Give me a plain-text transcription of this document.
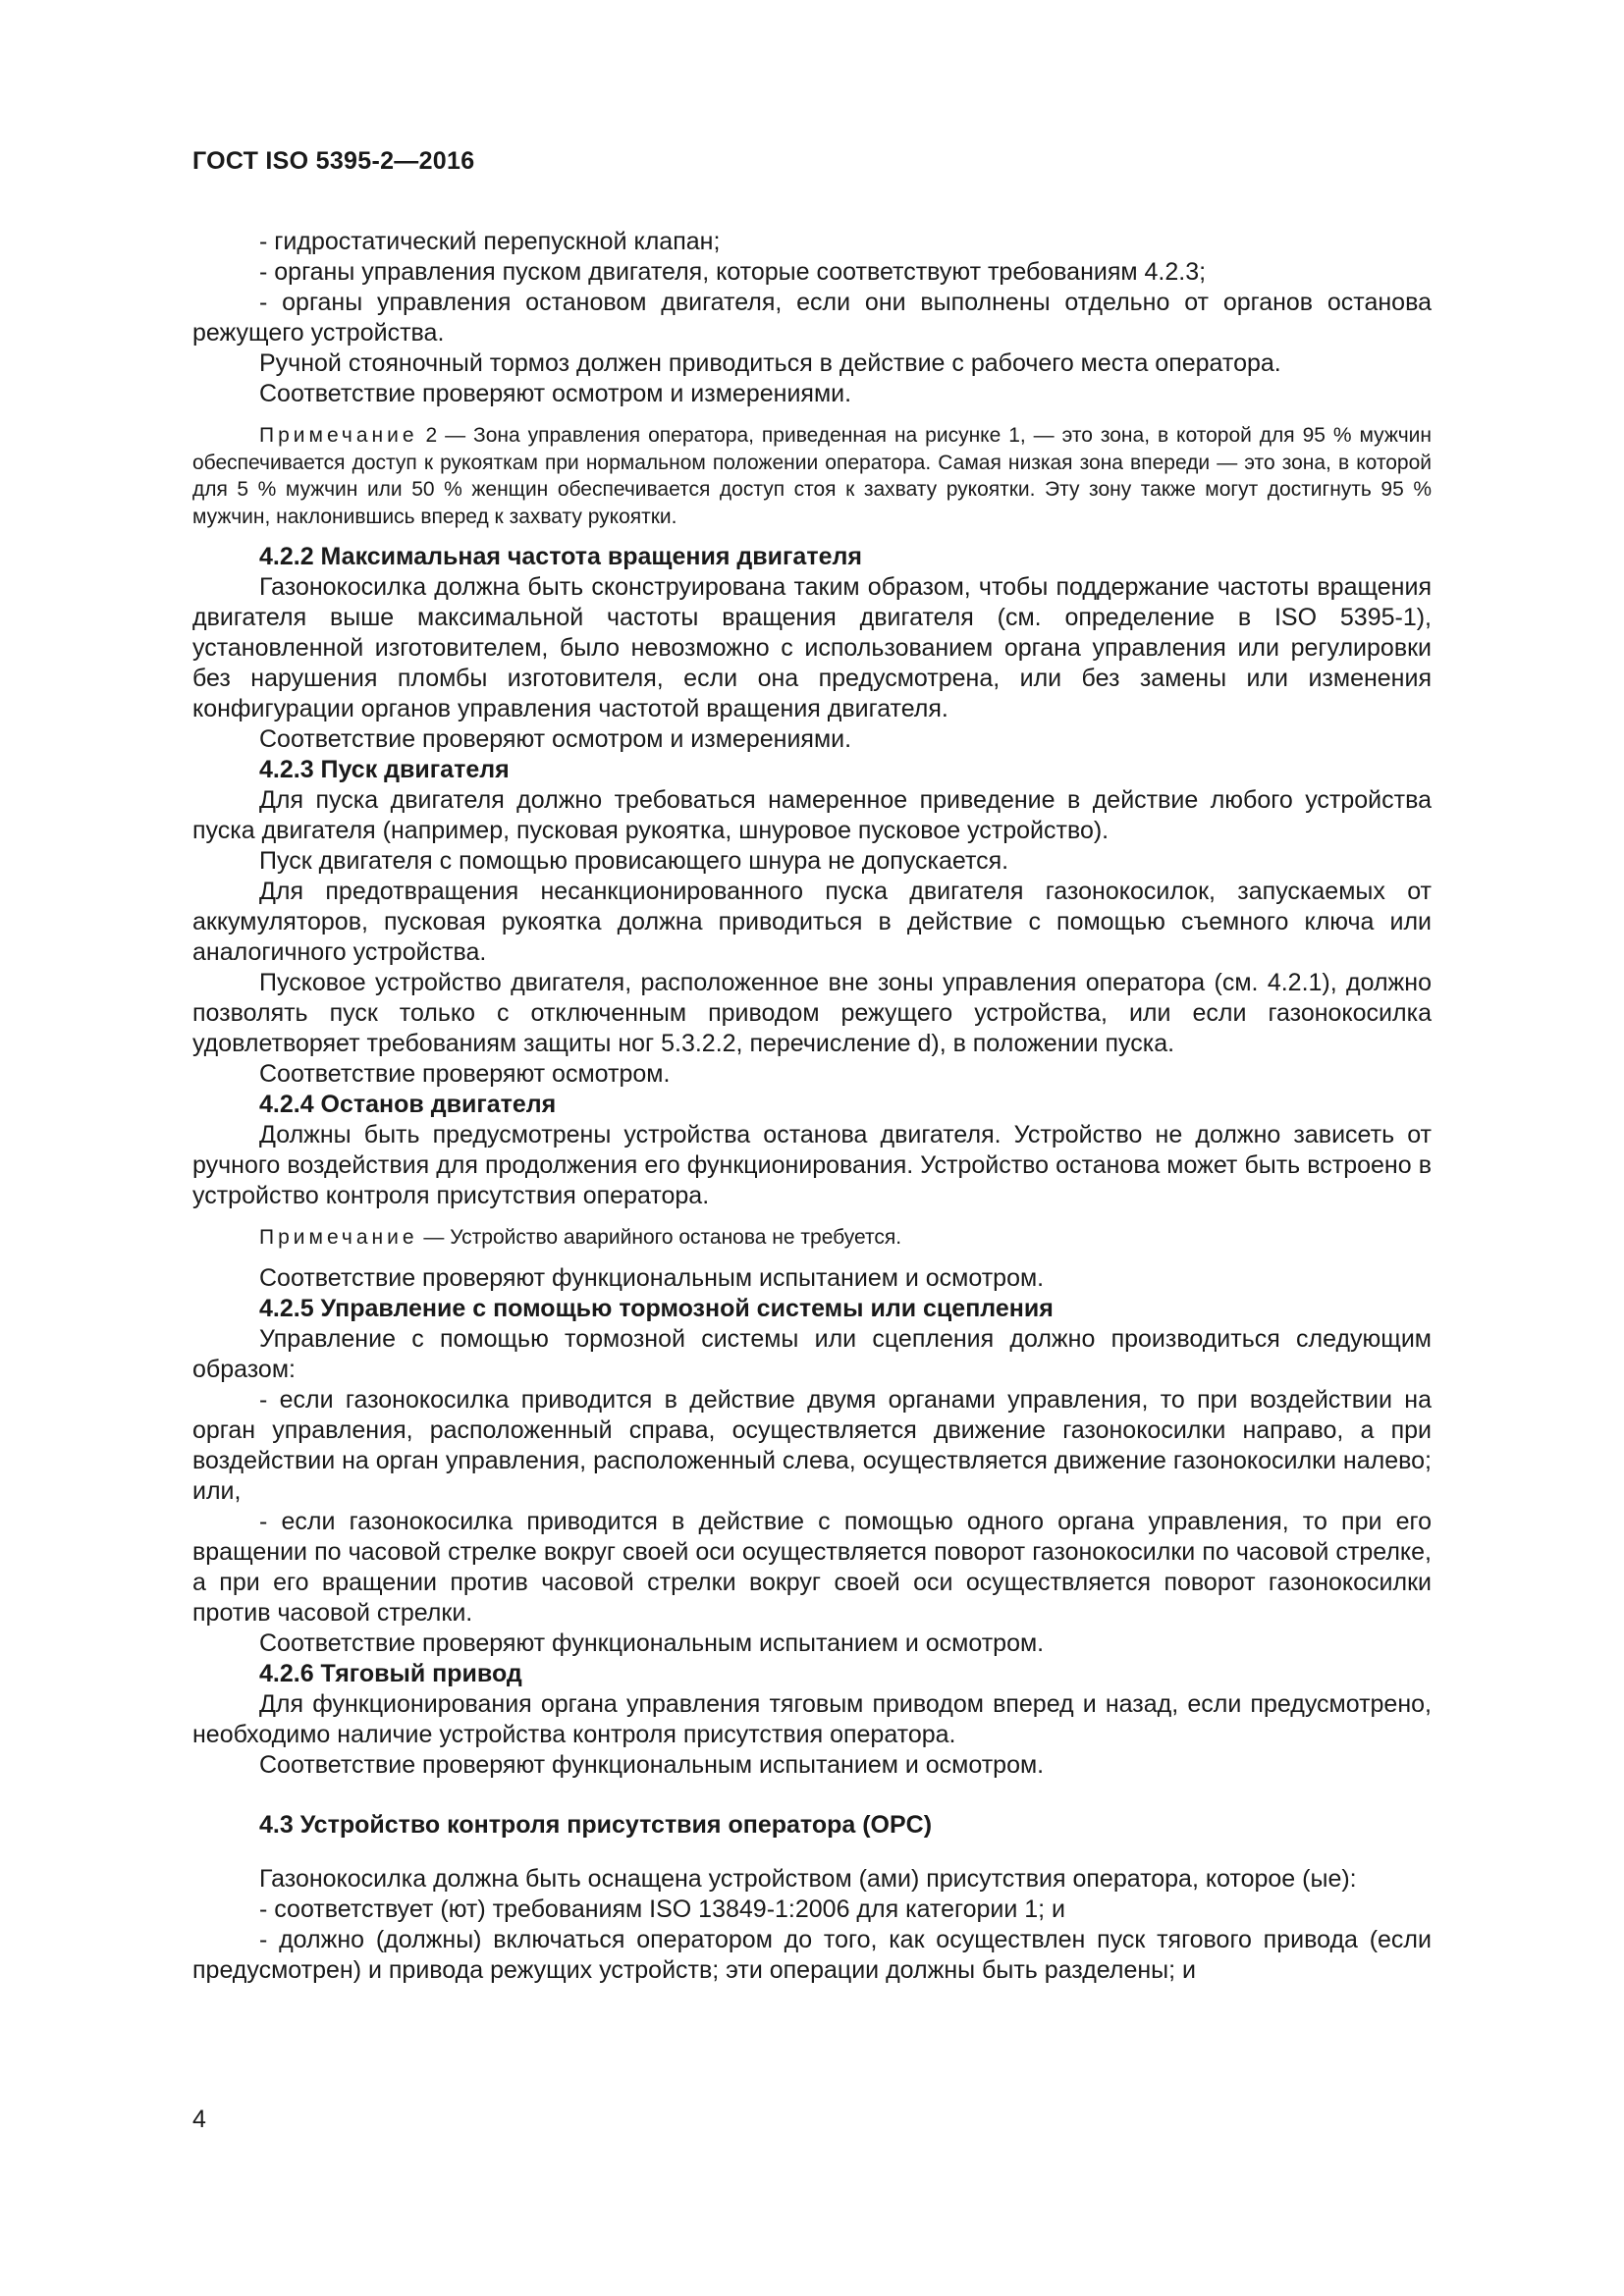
ГОСТ ISO 5395-2—2016

- гидростатический перепускной клапан;

- органы управления пуском двигателя, которые соответствуют требованиям 4.2.3;

- органы управления остановом двигателя, если они выполнены отдельно от органов останова режущего устройства.

Ручной стояночный тормоз должен приводиться в действие с рабочего места оператора.

Соответствие проверяют осмотром и измерениями.

Примечание 2 — Зона управления оператора, приведенная на рисунке 1, — это зона, в которой для 95 % мужчин обеспечивается доступ к рукояткам при нормальном положении оператора. Самая низкая зона впереди — это зона, в которой для 5 % мужчин или 50 % женщин обеспечивается доступ стоя к захвату рукоятки. Эту зону также могут достигнуть 95 % мужчин, наклонившись вперед к захвату рукоятки.

4.2.2 Максимальная частота вращения двигателя

Газонокосилка должна быть сконструирована таким образом, чтобы поддержание частоты вращения двигателя выше максимальной частоты вращения двигателя (см. определение в ISO 5395-1), установленной изготовителем, было невозможно с использованием органа управления или регулировки без нарушения пломбы изготовителя, если она предусмотрена, или без замены или изменения конфигурации органов управления частотой вращения двигателя.

Соответствие проверяют осмотром и измерениями.

4.2.3 Пуск двигателя

Для пуска двигателя должно требоваться намеренное приведение в действие любого устройства пуска двигателя (например, пусковая рукоятка, шнуровое пусковое устройство).

Пуск двигателя с помощью провисающего шнура не допускается.

Для предотвращения несанкционированного пуска двигателя газонокосилок, запускаемых от аккумуляторов, пусковая рукоятка должна приводиться в действие с помощью съемного ключа или аналогичного устройства.

Пусковое устройство двигателя, расположенное вне зоны управления оператора (см. 4.2.1), должно позволять пуск только с отключенным приводом режущего устройства, или если газонокосилка удовлетворяет требованиям защиты ног 5.3.2.2, перечисление d), в положении пуска.

Соответствие проверяют осмотром.

4.2.4 Останов двигателя

Должны быть предусмотрены устройства останова двигателя. Устройство не должно зависеть от ручного воздействия для продолжения его функционирования. Устройство останова может быть встроено в устройство контроля присутствия оператора.

Примечание — Устройство аварийного останова не требуется.

Соответствие проверяют функциональным испытанием и осмотром.

4.2.5 Управление с помощью тормозной системы или сцепления

Управление с помощью тормозной системы или сцепления должно производиться следующим образом:

- если газонокосилка приводится в действие двумя органами управления, то при воздействии на орган управления, расположенный справа, осуществляется движение газонокосилки направо, а при воздействии на орган управления, расположенный слева, осуществляется движение газонокосилки налево; или,

- если газонокосилка приводится в действие с помощью одного органа управления, то при его вращении по часовой стрелке вокруг своей оси осуществляется поворот газонокосилки по часовой стрелке, а при его вращении против часовой стрелки вокруг своей оси осуществляется поворот газонокосилки против часовой стрелки.

Соответствие проверяют функциональным испытанием и осмотром.

4.2.6 Тяговый привод

Для функционирования органа управления тяговым приводом вперед и назад, если предусмотрено, необходимо наличие устройства контроля присутствия оператора.

Соответствие проверяют функциональным испытанием и осмотром.

4.3 Устройство контроля присутствия оператора (OPC)

Газонокосилка должна быть оснащена устройством (ами) присутствия оператора, которое (ые):

- соответствует (ют) требованиям ISO 13849-1:2006 для категории 1; и

- должно (должны) включаться оператором до того, как осуществлен пуск тягового привода (если предусмотрен) и привода режущих устройств; эти операции должны быть разделены; и

4
